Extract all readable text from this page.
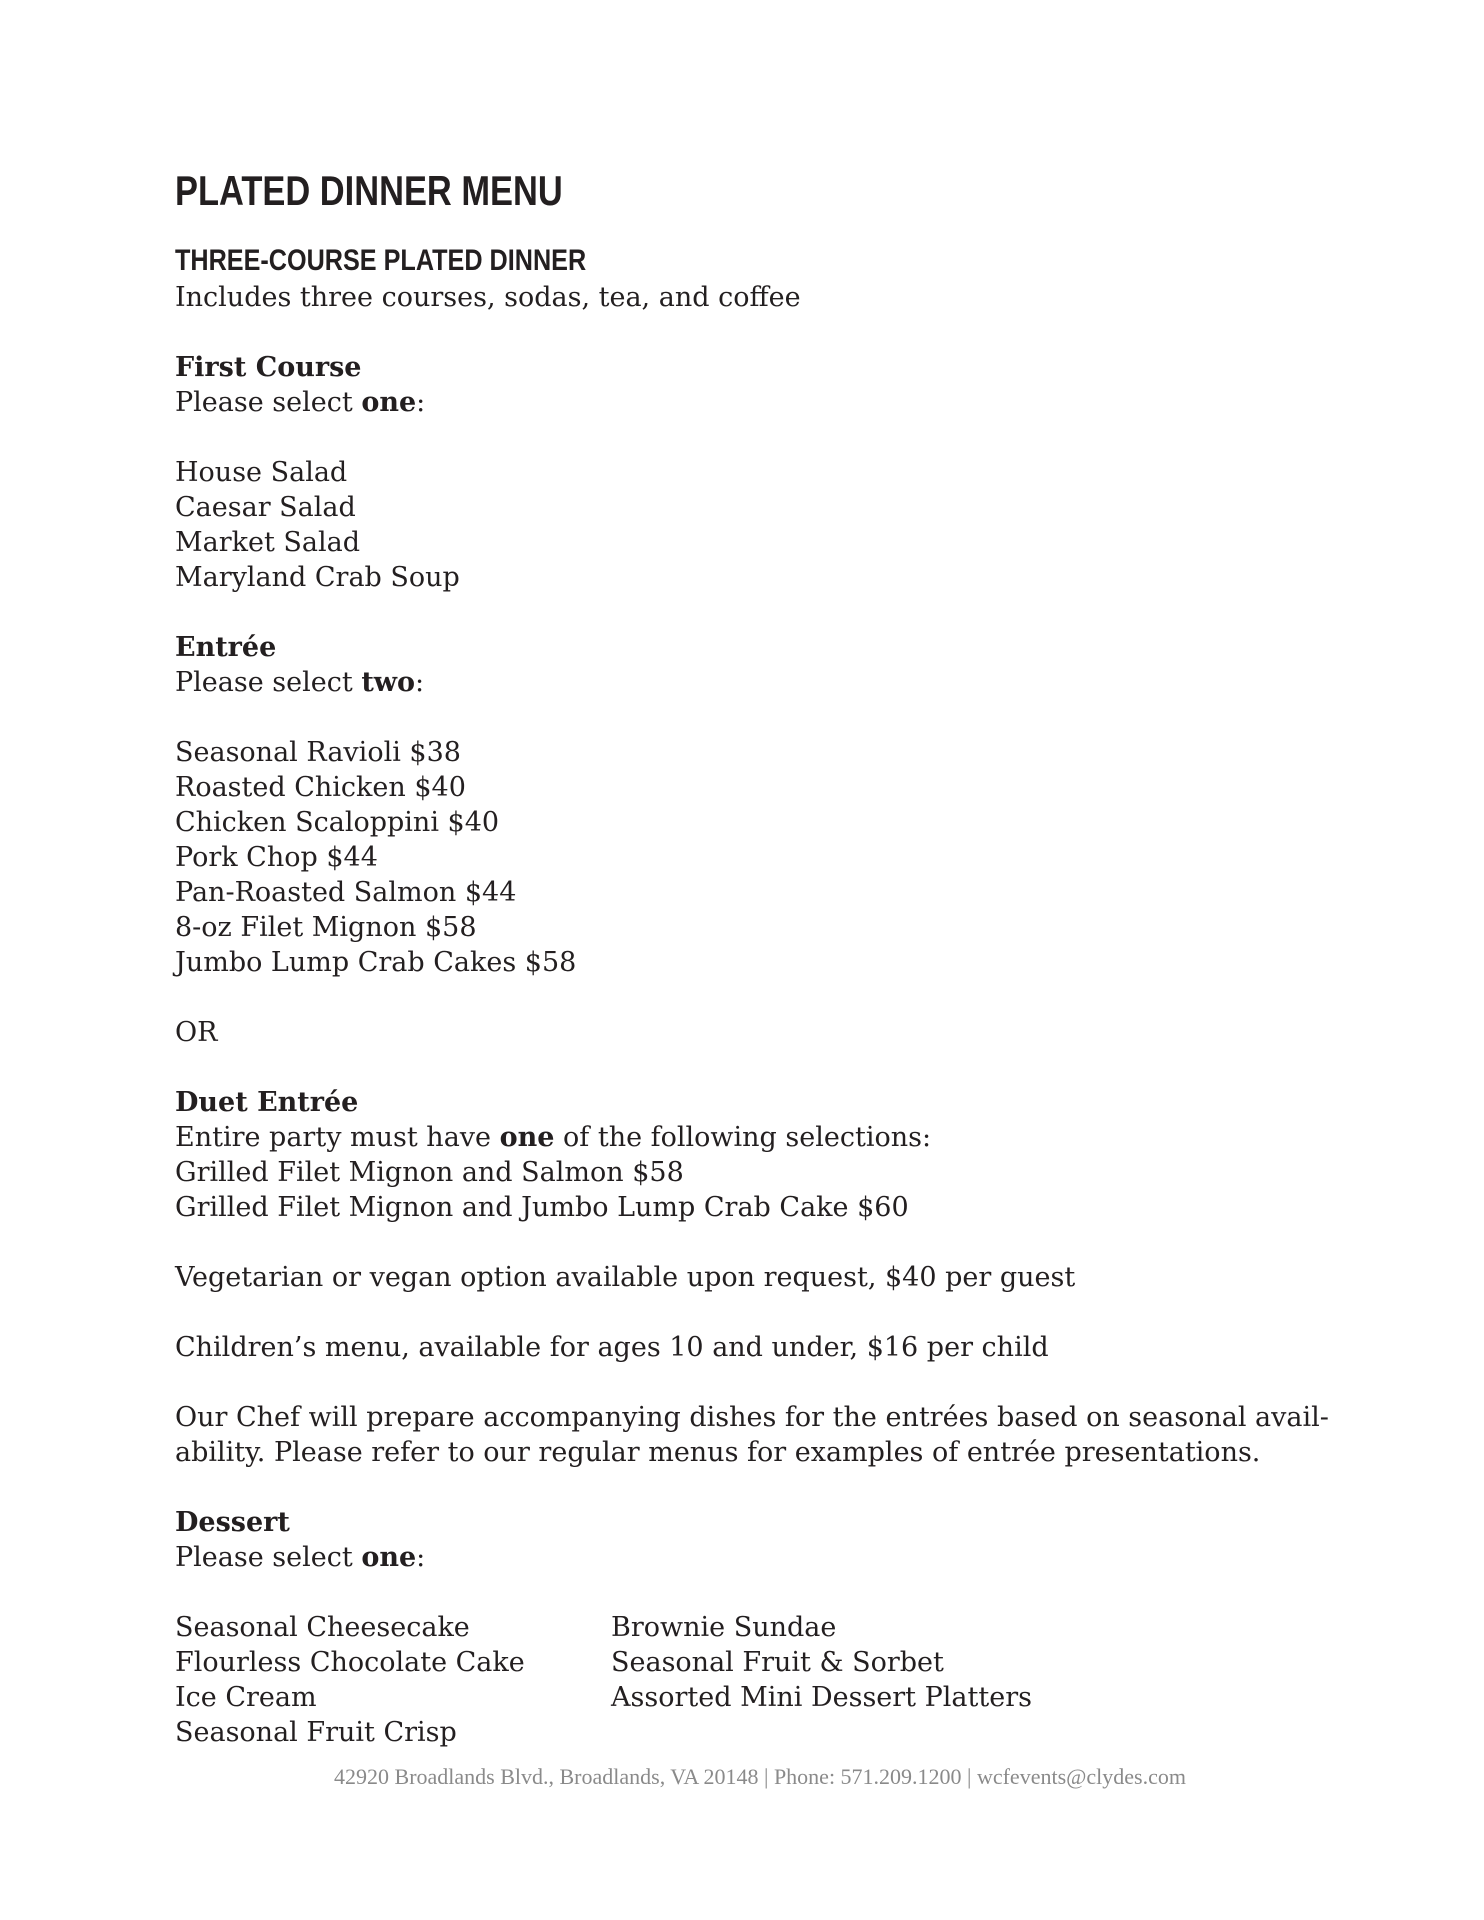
PLATED DINNER MENU
THREE-COURSE PLATED DINNER
Includes three courses, sodas, tea, and coffee
First Course
Please select one:
House Salad
Caesar Salad
Market Salad
Maryland Crab Soup
Entrée
Please select two:
Seasonal Ravioli $38
Roasted Chicken $40
Chicken Scaloppini $40
Pork Chop $44
Pan-Roasted Salmon $44
8-oz Filet Mignon $58
Jumbo Lump Crab Cakes $58
OR
Duet Entrée
Entire party must have one of the following selections:
Grilled Filet Mignon and Salmon $58
Grilled Filet Mignon and Jumbo Lump Crab Cake $60
Vegetarian or vegan option available upon request, $40 per guest
Children’s menu, available for ages 10 and under, $16 per child
Our Chef will prepare accompanying dishes for the entrées based on seasonal avail-
ability. Please refer to our regular menus for examples of entrée presentations.
Dessert
Please select one:
Seasonal Cheesecake
Flourless Chocolate Cake
Ice Cream
Seasonal Fruit Crisp
Brownie Sundae
Seasonal Fruit & Sorbet
Assorted Mini Dessert Platters
42920 Broadlands Blvd., Broadlands, VA 20148 | Phone: 571.209.1200 | wcfevents@clydes.com
